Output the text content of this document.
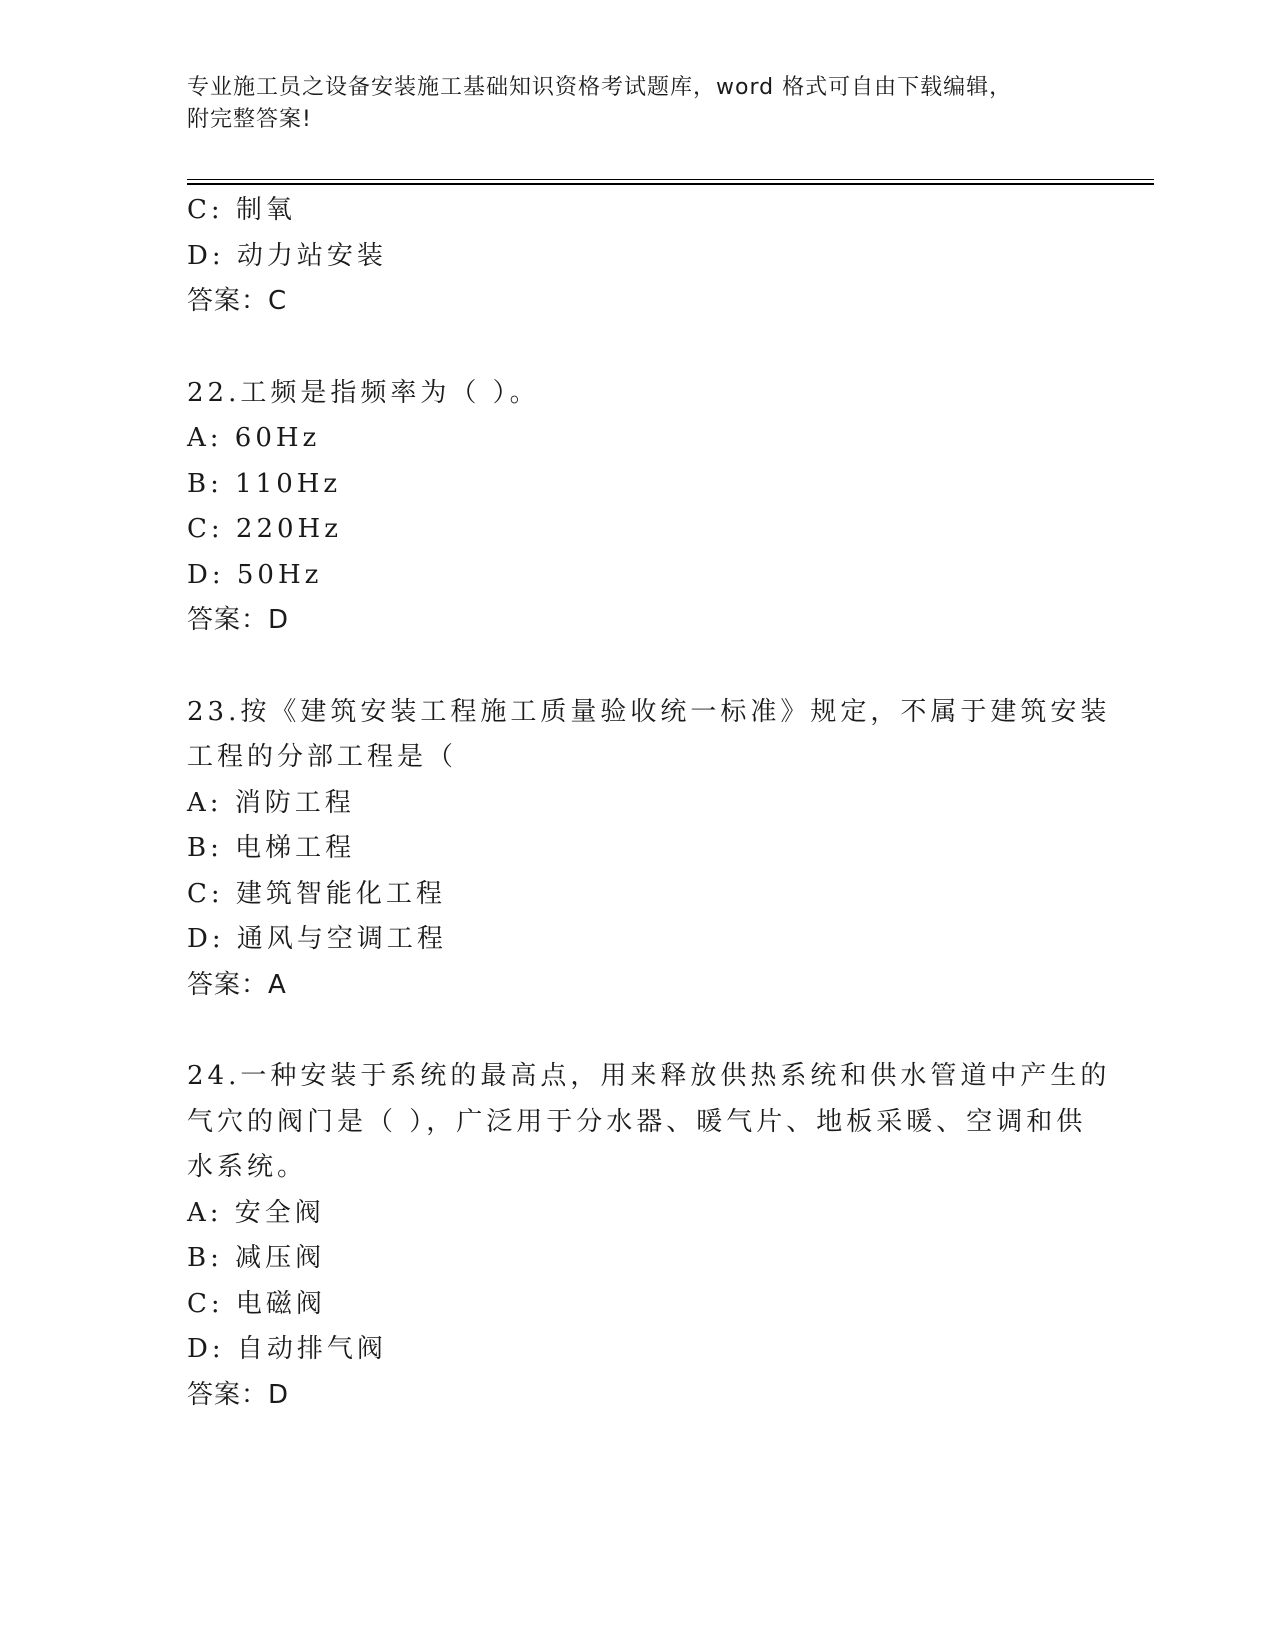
专业施工员之设备安装施工基础知识资格考试题库，word 格式可自由下载编辑，
附完整答案!
C: 制氧
D: 动力站安装
答案：C
22.工频是指频率为（ ）。
A: 60Hz
B: 110Hz
C: 220Hz
D: 50Hz
答案：D
23.按《建筑安装工程施工质量验收统一标准》规定，不属于建筑安装
工程的分部工程是（
A: 消防工程
B: 电梯工程
C: 建筑智能化工程
D: 通风与空调工程
答案：A
24.一种安装于系统的最高点，用来释放供热系统和供水管道中产生的
气穴的阀门是（ ），广泛用于分水器、暖气片、地板采暖、空调和供
水系统。
A: 安全阀
B: 减压阀
C: 电磁阀
D: 自动排气阀
答案：D
